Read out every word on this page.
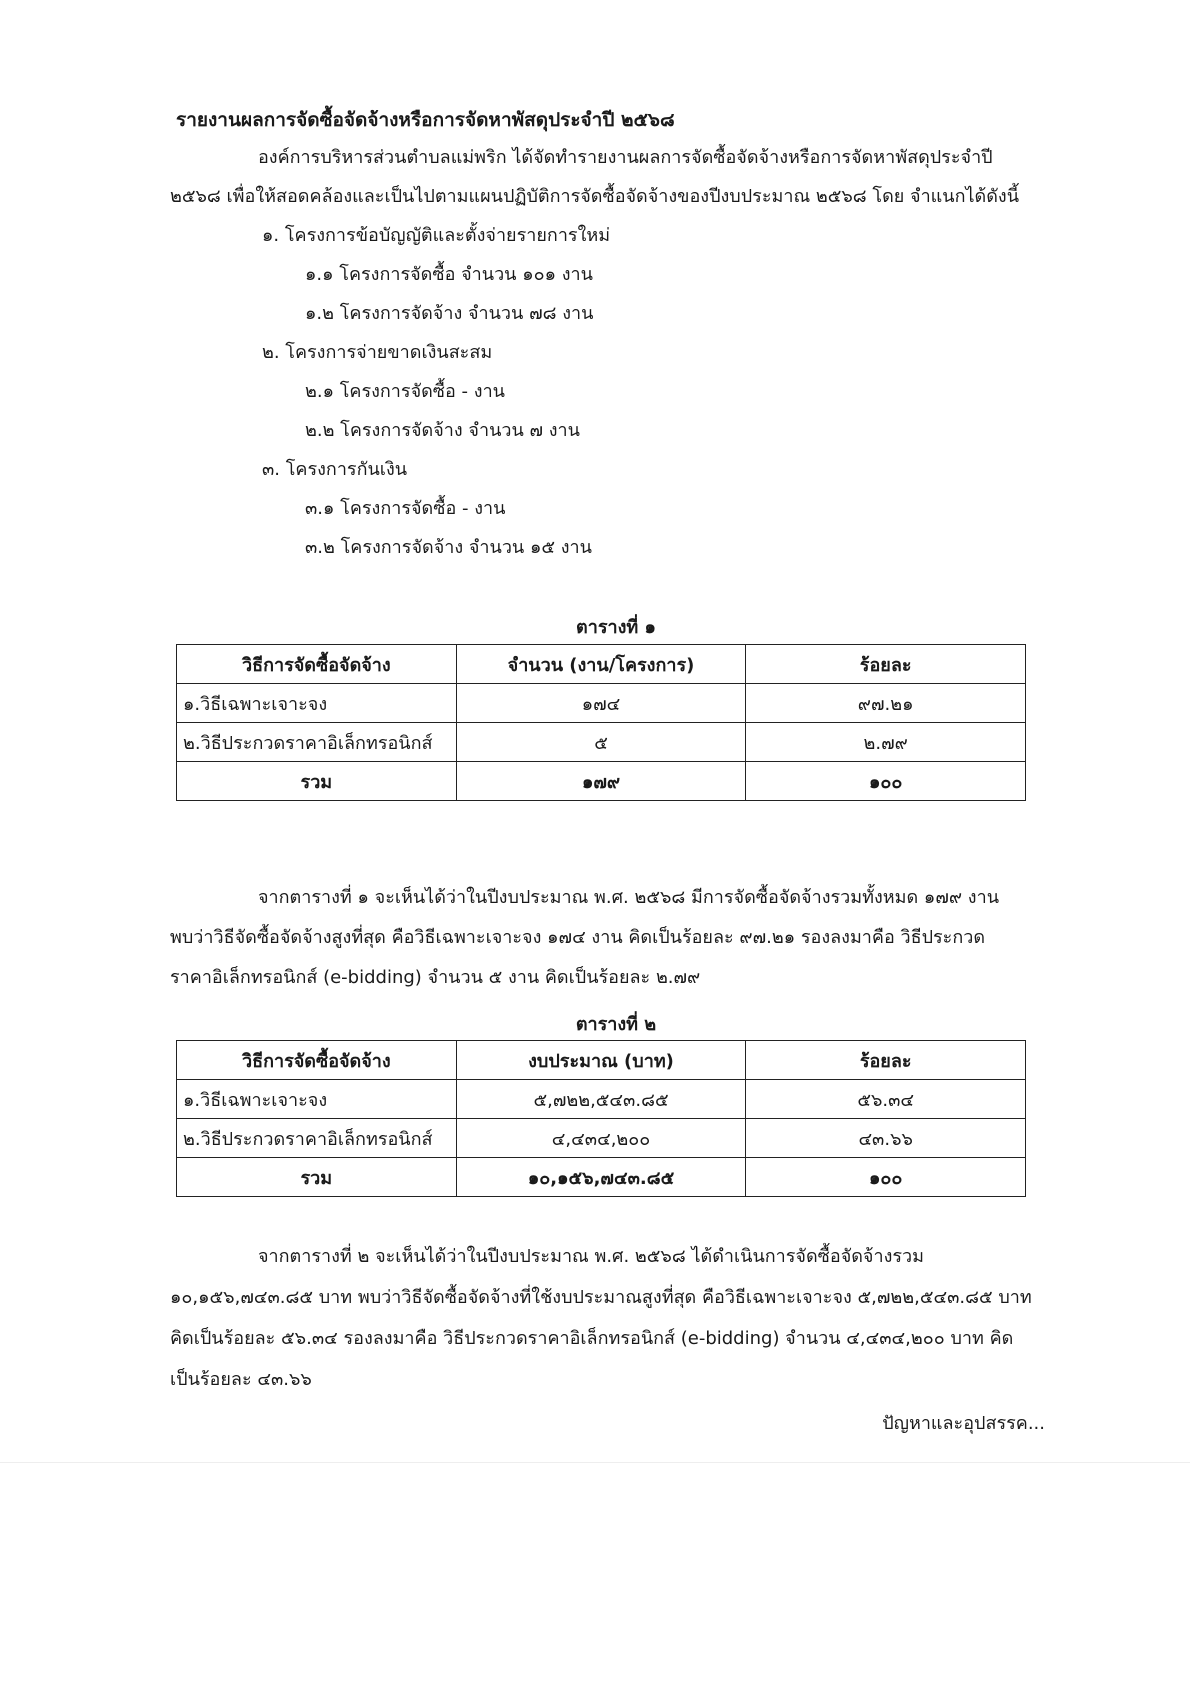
รายงานผลการจัดซื้อจัดจ้างหรือการจัดหาพัสดุประจำปี ๒๕๖๘
องค์การบริหารส่วนตำบลแม่พริก ได้จัดทำรายงานผลการจัดซื้อจัดจ้างหรือการจัดหาพัสดุประจำปี
๒๕๖๘ เพื่อให้สอดคล้องและเป็นไปตามแผนปฏิบัติการจัดซื้อจัดจ้างของปีงบประมาณ ๒๕๖๘ โดย จำแนกได้ดังนี้
๑. โครงการข้อบัญญัติและตั้งจ่ายรายการใหม่
๑.๑ โครงการจัดซื้อ จำนวน ๑๐๑ งาน
๑.๒ โครงการจัดจ้าง จำนวน ๗๘ งาน
๒. โครงการจ่ายขาดเงินสะสม
๒.๑ โครงการจัดซื้อ - งาน
๒.๒ โครงการจัดจ้าง จำนวน ๗ งาน
๓. โครงการกันเงิน
๓.๑ โครงการจัดซื้อ - งาน
๓.๒ โครงการจัดจ้าง จำนวน ๑๕ งาน
ตารางที่ ๑
วิธีการจัดซื้อจัดจ้าง	จำนวน (งาน/โครงการ)	ร้อยละ
๑.วิธีเฉพาะเจาะจง	๑๗๔	๙๗.๒๑
๒.วิธีประกวดราคาอิเล็กทรอนิกส์	๕	๒.๗๙
รวม	๑๗๙	๑๐๐
จากตารางที่ ๑ จะเห็นได้ว่าในปีงบประมาณ พ.ศ. ๒๕๖๘ มีการจัดซื้อจัดจ้างรวมทั้งหมด ๑๗๙ งาน
พบว่าวิธีจัดซื้อจัดจ้างสูงที่สุด คือวิธีเฉพาะเจาะจง ๑๗๔ งาน คิดเป็นร้อยละ ๙๗.๒๑ รองลงมาคือ วิธีประกวด
ราคาอิเล็กทรอนิกส์ (e-bidding) จำนวน ๕ งาน คิดเป็นร้อยละ ๒.๗๙
ตารางที่ ๒
วิธีการจัดซื้อจัดจ้าง	งบประมาณ (บาท)	ร้อยละ
๑.วิธีเฉพาะเจาะจง	๕,๗๒๒,๕๔๓.๘๕	๕๖.๓๔
๒.วิธีประกวดราคาอิเล็กทรอนิกส์	๔,๔๓๔,๒๐๐	๔๓.๖๖
รวม	๑๐,๑๕๖,๗๔๓.๘๕	๑๐๐
จากตารางที่ ๒ จะเห็นได้ว่าในปีงบประมาณ พ.ศ. ๒๕๖๘ ได้ดำเนินการจัดซื้อจัดจ้างรวม
๑๐,๑๕๖,๗๔๓.๘๕ บาท พบว่าวิธีจัดซื้อจัดจ้างที่ใช้งบประมาณสูงที่สุด คือวิธีเฉพาะเจาะจง ๕,๗๒๒,๕๔๓.๘๕ บาท
คิดเป็นร้อยละ ๕๖.๓๔ รองลงมาคือ วิธีประกวดราคาอิเล็กทรอนิกส์ (e-bidding) จำนวน ๔,๔๓๔,๒๐๐ บาท คิด
เป็นร้อยละ ๔๓.๖๖
ปัญหาและอุปสรรค...
